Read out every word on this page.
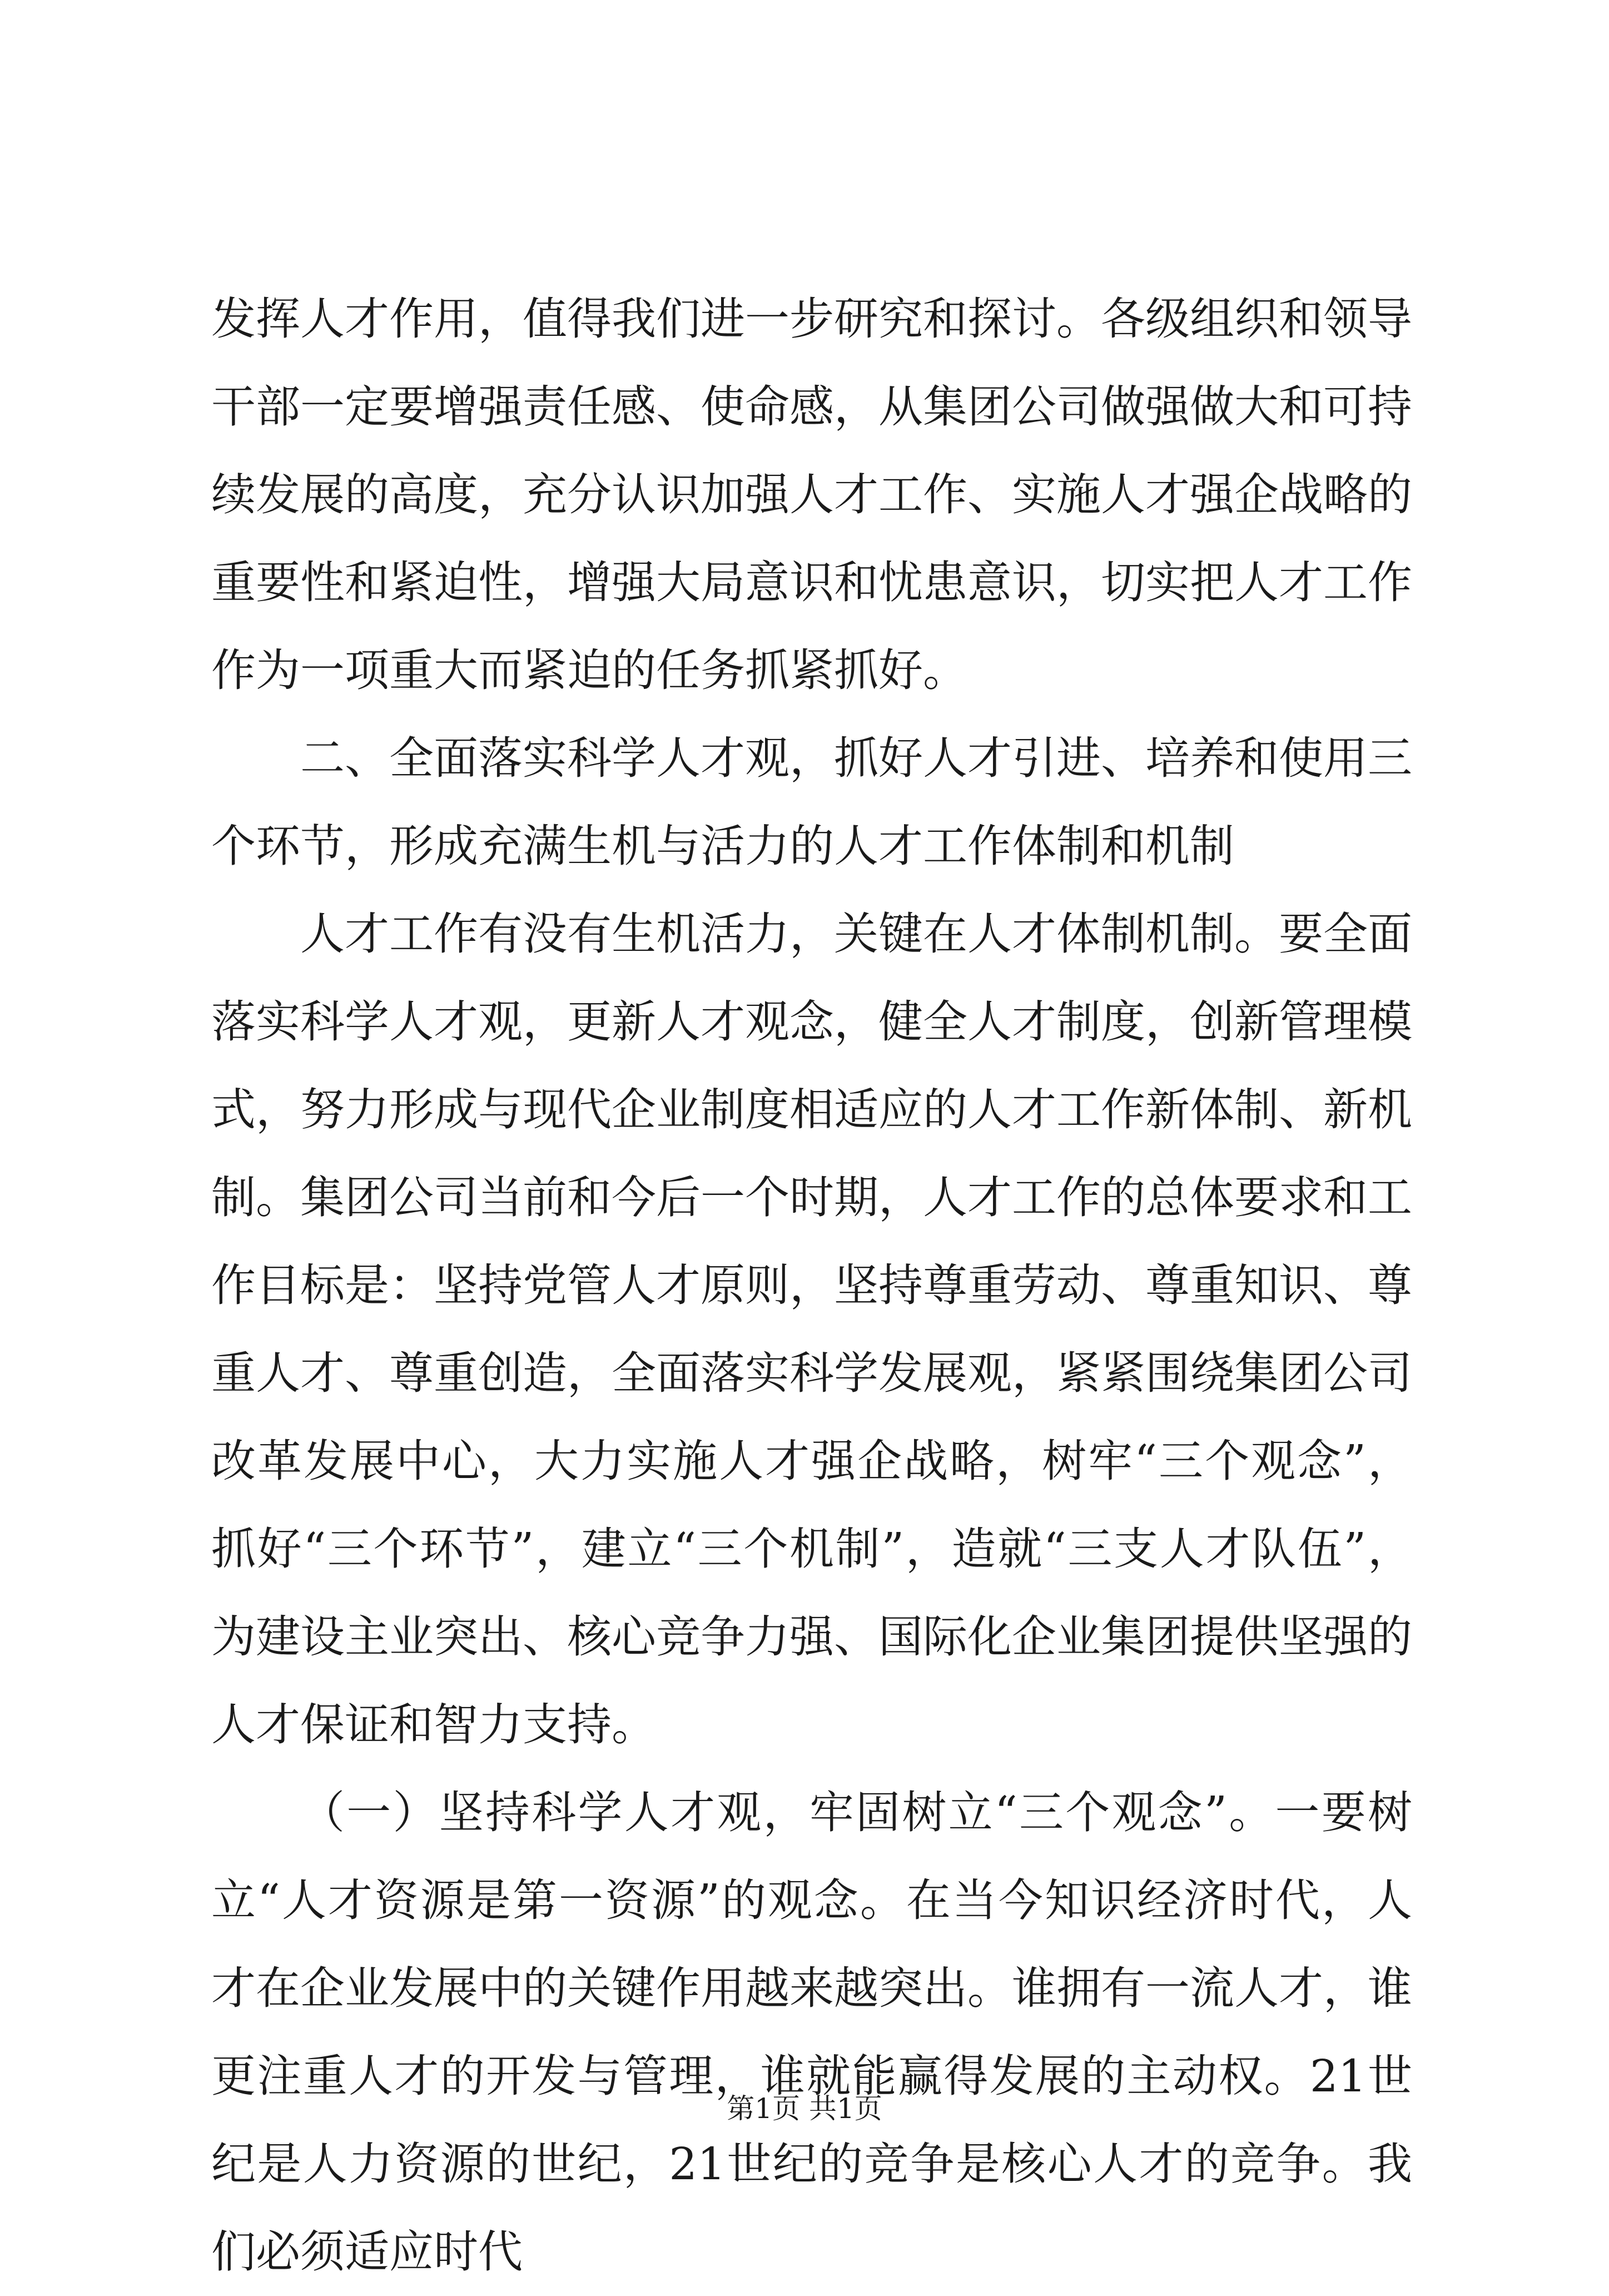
发挥人才作用，值得我们进一步研究和探讨。各级组织和领导干部一定要增强责任感、使命感，从集团公司做强做大和可持续发展的高度，充分认识加强人才工作、实施人才强企战略的重要性和紧迫性，增强大局意识和忧患意识，切实把人才工作作为一项重大而紧迫的任务抓紧抓好。

二、全面落实科学人才观，抓好人才引进、培养和使用三个环节，形成充满生机与活力的人才工作体制和机制

人才工作有没有生机活力，关键在人才体制机制。要全面落实科学人才观，更新人才观念，健全人才制度，创新管理模式，努力形成与现代企业制度相适应的人才工作新体制、新机制。集团公司当前和今后一个时期，人才工作的总体要求和工作目标是：坚持党管人才原则，坚持尊重劳动、尊重知识、尊重人才、尊重创造，全面落实科学发展观，紧紧围绕集团公司改革发展中心，大力实施人才强企战略，树牢“三个观念”，抓好“三个环节”，建立“三个机制”，造就“三支人才队伍”，为建设主业突出、核心竞争力强、国际化企业集团提供坚强的人才保证和智力支持。

（一）坚持科学人才观，牢固树立“三个观念”。一要树立“人才资源是第一资源”的观念。在当今知识经济时代，人才在企业发展中的关键作用越来越突出。谁拥有一流人才，谁更注重人才的开发与管理，谁就能赢得发展的主动权。21世纪是人力资源的世纪，21世纪的竞争是核心人才的竞争。我们必须适应时代

第1页 共1页
